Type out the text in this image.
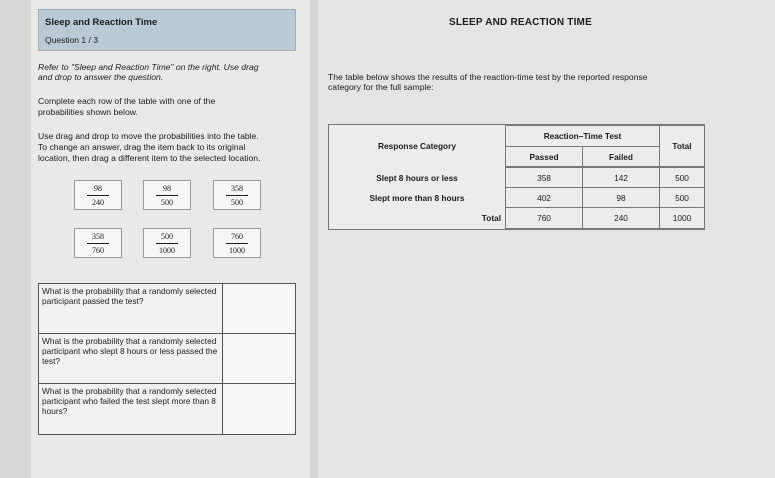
Sleep and Reaction Time
Question 1 / 3
Refer to "Sleep and Reaction Time" on the right. Use drag
and drop to answer the question.
Complete each row of the table with one of the
probabilities shown below.
Use drag and drop to move the probabilities into the table.
To change an answer, drag the item back to its original
location, then drag a different item to the selected location.
98
240
98
500
358
500
358
760
500
1000
760
1000
What is the probability that a randomly selected participant passed the test?
What is the probability that a randomly selected participant who slept 8 hours or less passed the test?
What is the probability that a randomly selected participant who failed the test slept more than 8 hours?
SLEEP AND REACTION TIME
The table below shows the results of the reaction-time test by the reported response
category for the full sample:
Response Category
Reaction–Time Test
Passed	Failed
Total
Slept 8 hours or less	358	142	500
Slept more than 8 hours	402	98	500
Total	760	240	1000
